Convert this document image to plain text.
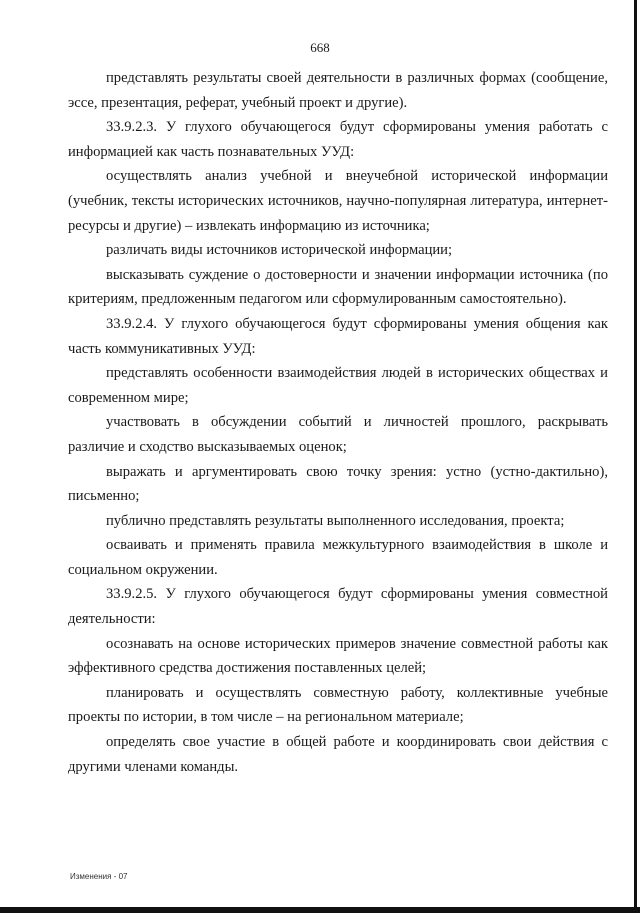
668

представлять результаты своей деятельности в различных формах (сообщение, эссе, презентация, реферат, учебный проект и другие).

33.9.2.3. У глухого обучающегося будут сформированы умения работать с информацией как часть познавательных УУД:

осуществлять анализ учебной и внеучебной исторической информации (учебник, тексты исторических источников, научно-популярная литература, интернет-ресурсы и другие) – извлекать информацию из источника;

различать виды источников исторической информации;

высказывать суждение о достоверности и значении информации источника (по критериям, предложенным педагогом или сформулированным самостоятельно).

33.9.2.4. У глухого обучающегося будут сформированы умения общения как часть коммуникативных УУД:

представлять особенности взаимодействия людей в исторических обществах и современном мире;

участвовать в обсуждении событий и личностей прошлого, раскрывать различие и сходство высказываемых оценок;

выражать и аргументировать свою точку зрения: устно (устно-дактильно), письменно;

публично представлять результаты выполненного исследования, проекта;

осваивать и применять правила межкультурного взаимодействия в школе и социальном окружении.

33.9.2.5. У глухого обучающегося будут сформированы умения совместной деятельности:

осознавать на основе исторических примеров значение совместной работы как эффективного средства достижения поставленных целей;

планировать и осуществлять совместную работу, коллективные учебные проекты по истории, в том числе – на региональном материале;

определять свое участие в общей работе и координировать свои действия с другими членами команды.

Изменения - 07
